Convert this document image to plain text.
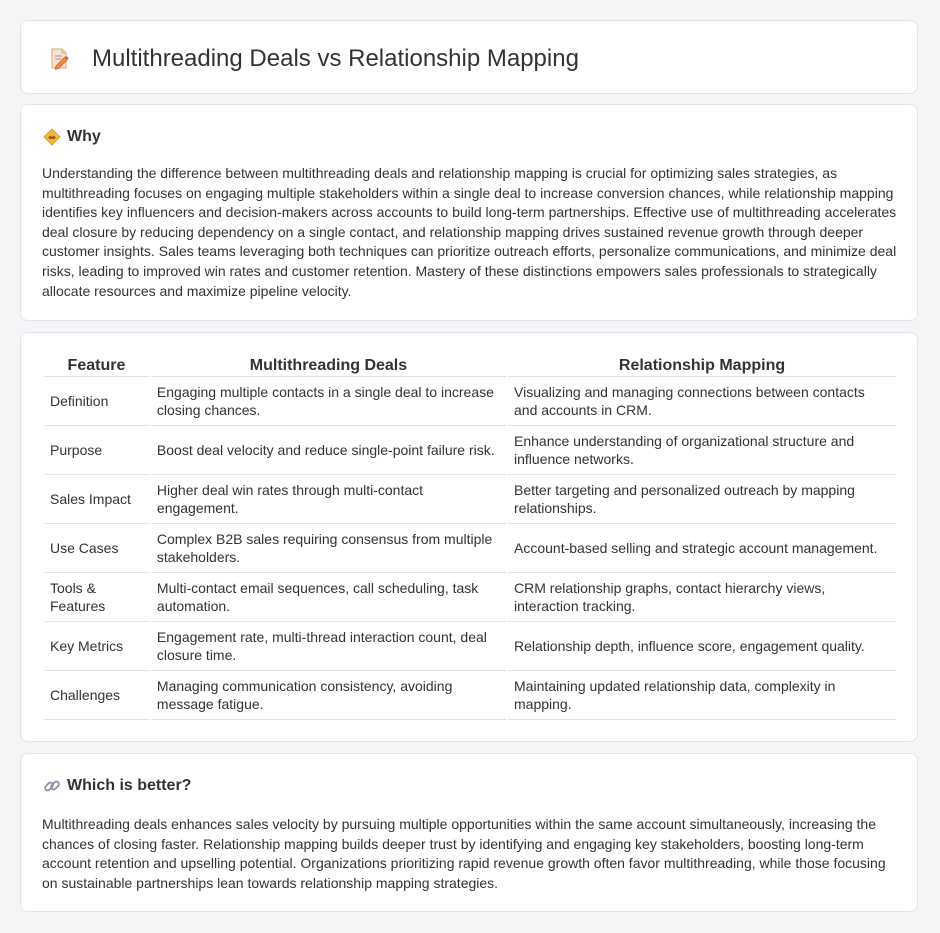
Multithreading Deals vs Relationship Mapping
Why

Understanding the difference between multithreading deals and relationship mapping is crucial for optimizing sales strategies, as multithreading focuses on engaging multiple stakeholders within a single deal to increase conversion chances, while relationship mapping identifies key influencers and decision-makers across accounts to build long-term partnerships. Effective use of multithreading accelerates deal closure by reducing dependency on a single contact, and relationship mapping drives sustained revenue growth through deeper customer insights. Sales teams leveraging both techniques can prioritize outreach efforts, personalize communications, and minimize deal risks, leading to improved win rates and customer retention. Mastery of these distinctions empowers sales professionals to strategically allocate resources and maximize pipeline velocity.

Feature	Multithreading Deals	Relationship Mapping
Definition	Engaging multiple contacts in a single deal to increase closing chances.	Visualizing and managing connections between contacts and accounts in CRM.
Purpose	Boost deal velocity and reduce single-point failure risk.	Enhance understanding of organizational structure and influence networks.
Sales Impact	Higher deal win rates through multi-contact engagement.	Better targeting and personalized outreach by mapping relationships.
Use Cases	Complex B2B sales requiring consensus from multiple stakeholders.	Account-based selling and strategic account management.
Tools & Features	Multi-contact email sequences, call scheduling, task automation.	CRM relationship graphs, contact hierarchy views, interaction tracking.
Key Metrics	Engagement rate, multi-thread interaction count, deal closure time.	Relationship depth, influence score, engagement quality.
Challenges	Managing communication consistency, avoiding message fatigue.	Maintaining updated relationship data, complexity in mapping.
Which is better?

Multithreading deals enhances sales velocity by pursuing multiple opportunities within the same account simultaneously, increasing the chances of closing faster. Relationship mapping builds deeper trust by identifying and engaging key stakeholders, boosting long-term account retention and upselling potential. Organizations prioritizing rapid revenue growth often favor multithreading, while those focusing on sustainable partnerships lean towards relationship mapping strategies.
